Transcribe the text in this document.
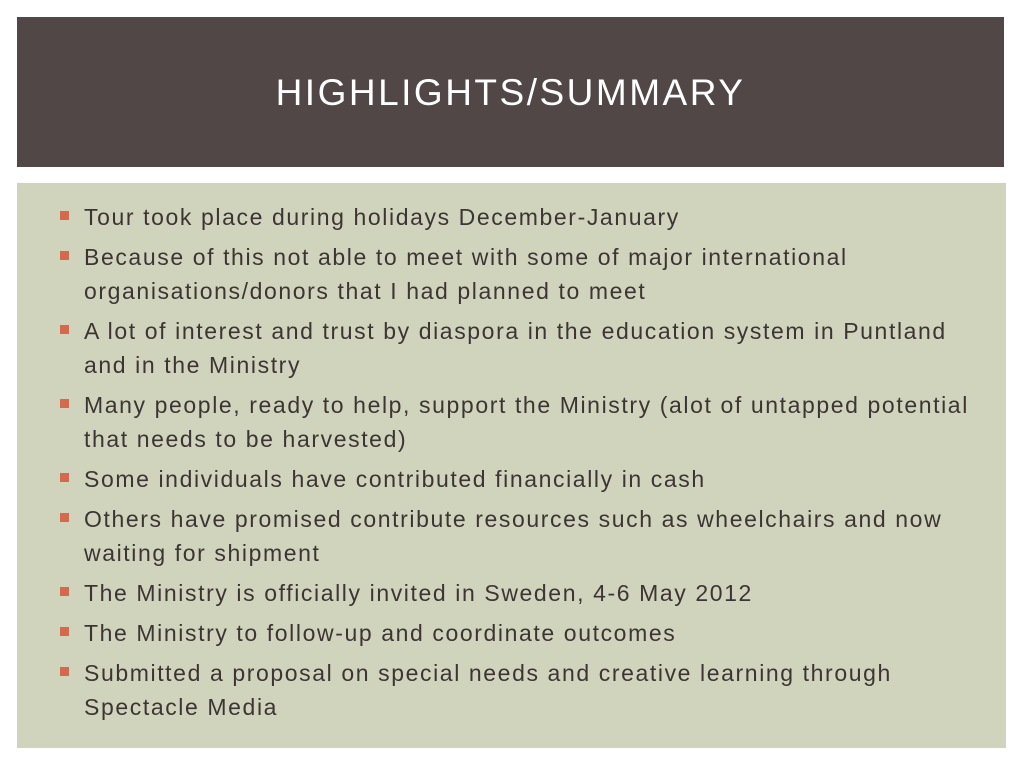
HIGHLIGHTS/SUMMARY
Tour took place during holidays December-January
Because of this not able to meet with some of major international organisations/donors that I had planned to meet
A lot of interest and trust by diaspora in the education system in Puntland and in the Ministry
Many people, ready to help, support the Ministry (alot of untapped potential that needs to be harvested)
Some individuals have contributed financially in cash
Others have promised contribute resources such as wheelchairs and now waiting for shipment
The Ministry is officially invited in Sweden, 4-6 May 2012
The Ministry to follow-up and coordinate outcomes
Submitted a proposal on special needs and creative learning through Spectacle Media
